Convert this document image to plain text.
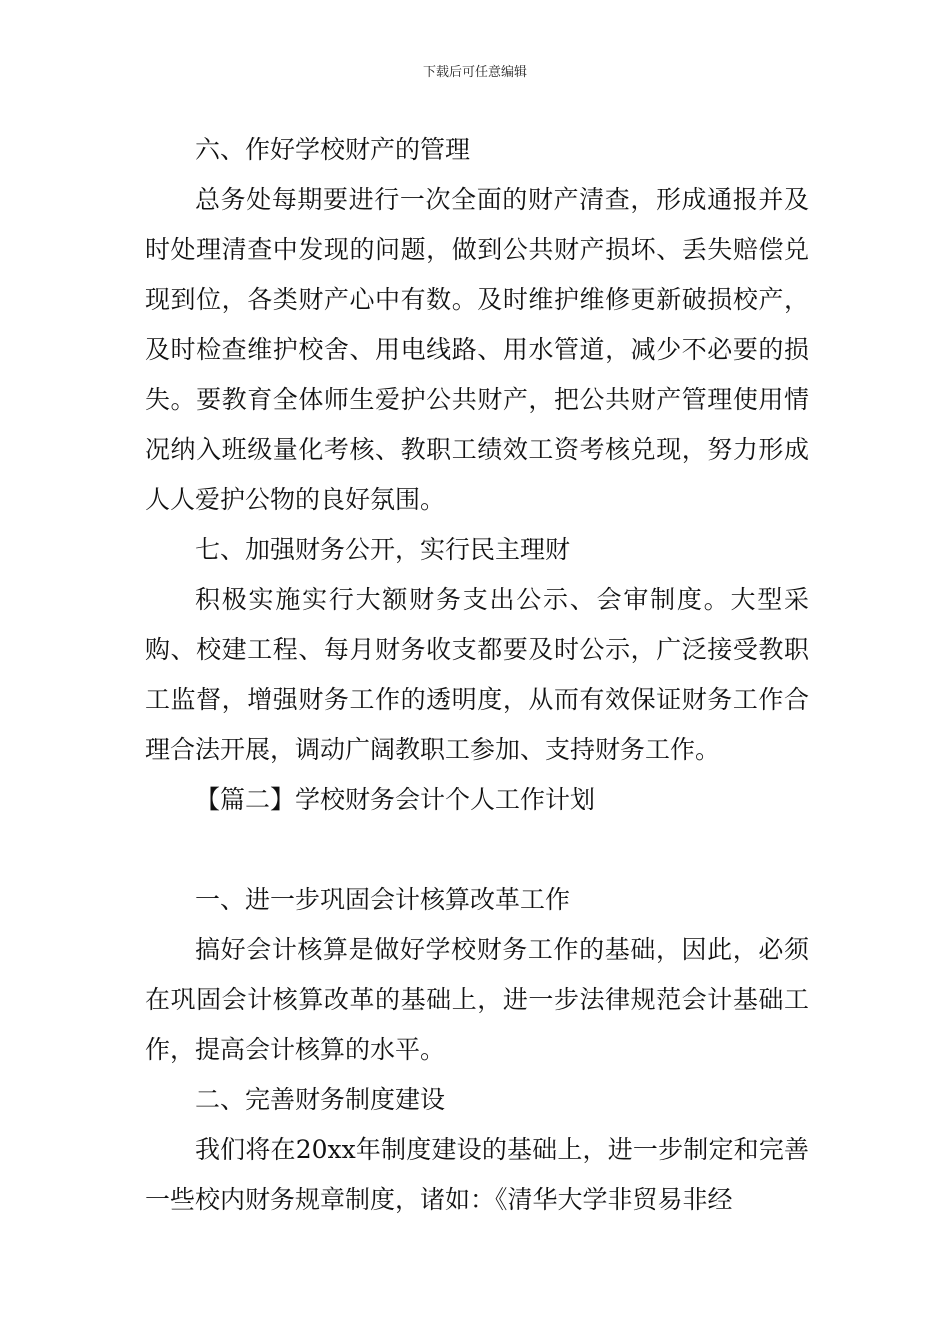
下载后可任意编辑

六、作好学校财产的管理

总务处每期要进行一次全面的财产清查，形成通报并及时处理清查中发现的问题，做到公共财产损坏、丢失赔偿兑现到位，各类财产心中有数。及时维护维修更新破损校产，及时检查维护校舍、用电线路、用水管道，减少不必要的损失。要教育全体师生爱护公共财产，把公共财产管理使用情况纳入班级量化考核、教职工绩效工资考核兑现，努力形成人人爱护公物的良好氛围。

七、加强财务公开，实行民主理财

积极实施实行大额财务支出公示、会审制度。大型采购、校建工程、每月财务收支都要及时公示，广泛接受教职工监督，增强财务工作的透明度，从而有效保证财务工作合理合法开展，调动广阔教职工参加、支持财务工作。

【篇二】学校财务会计个人工作计划

一、进一步巩固会计核算改革工作

搞好会计核算是做好学校财务工作的基础，因此，必须在巩固会计核算改革的基础上，进一步法律规范会计基础工作，提高会计核算的水平。

二、完善财务制度建设

我们将在20xx年制度建设的基础上，进一步制定和完善一些校内财务规章制度，诸如：《清华大学非贸易非经
